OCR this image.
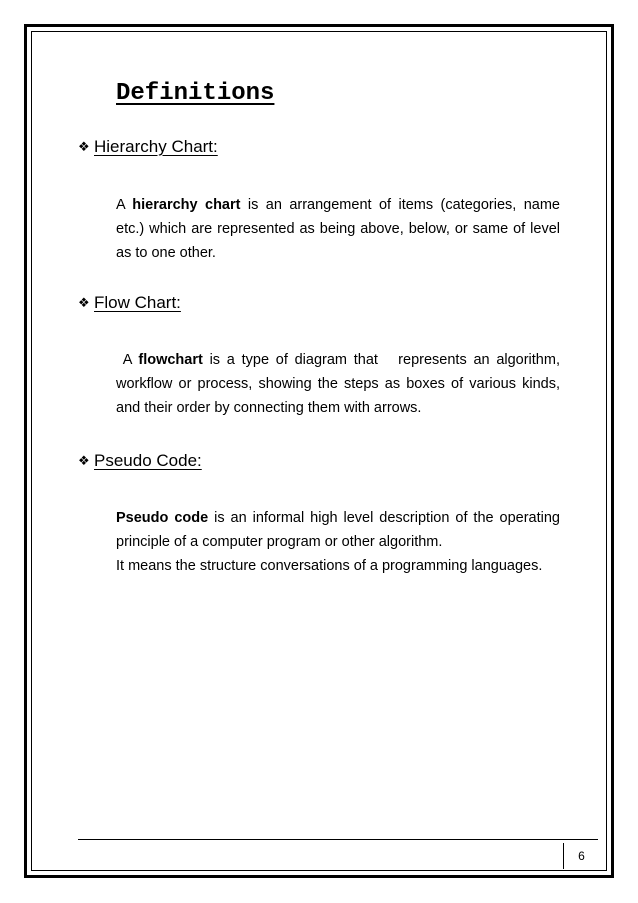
Definitions
❖ Hierarchy Chart:

A hierarchy chart is an arrangement of items (categories, name etc.) which are represented as being above, below, or same of level as to one other.

❖ Flow Chart:

A flowchart is a type of diagram that   represents an algorithm, workflow or process, showing the steps as boxes of various kinds, and their order by connecting them with arrows.

❖ Pseudo Code:

Pseudo code is an informal high level description of the operating principle of a computer program or other algorithm.
It means the structure conversations of a programming languages.

6
